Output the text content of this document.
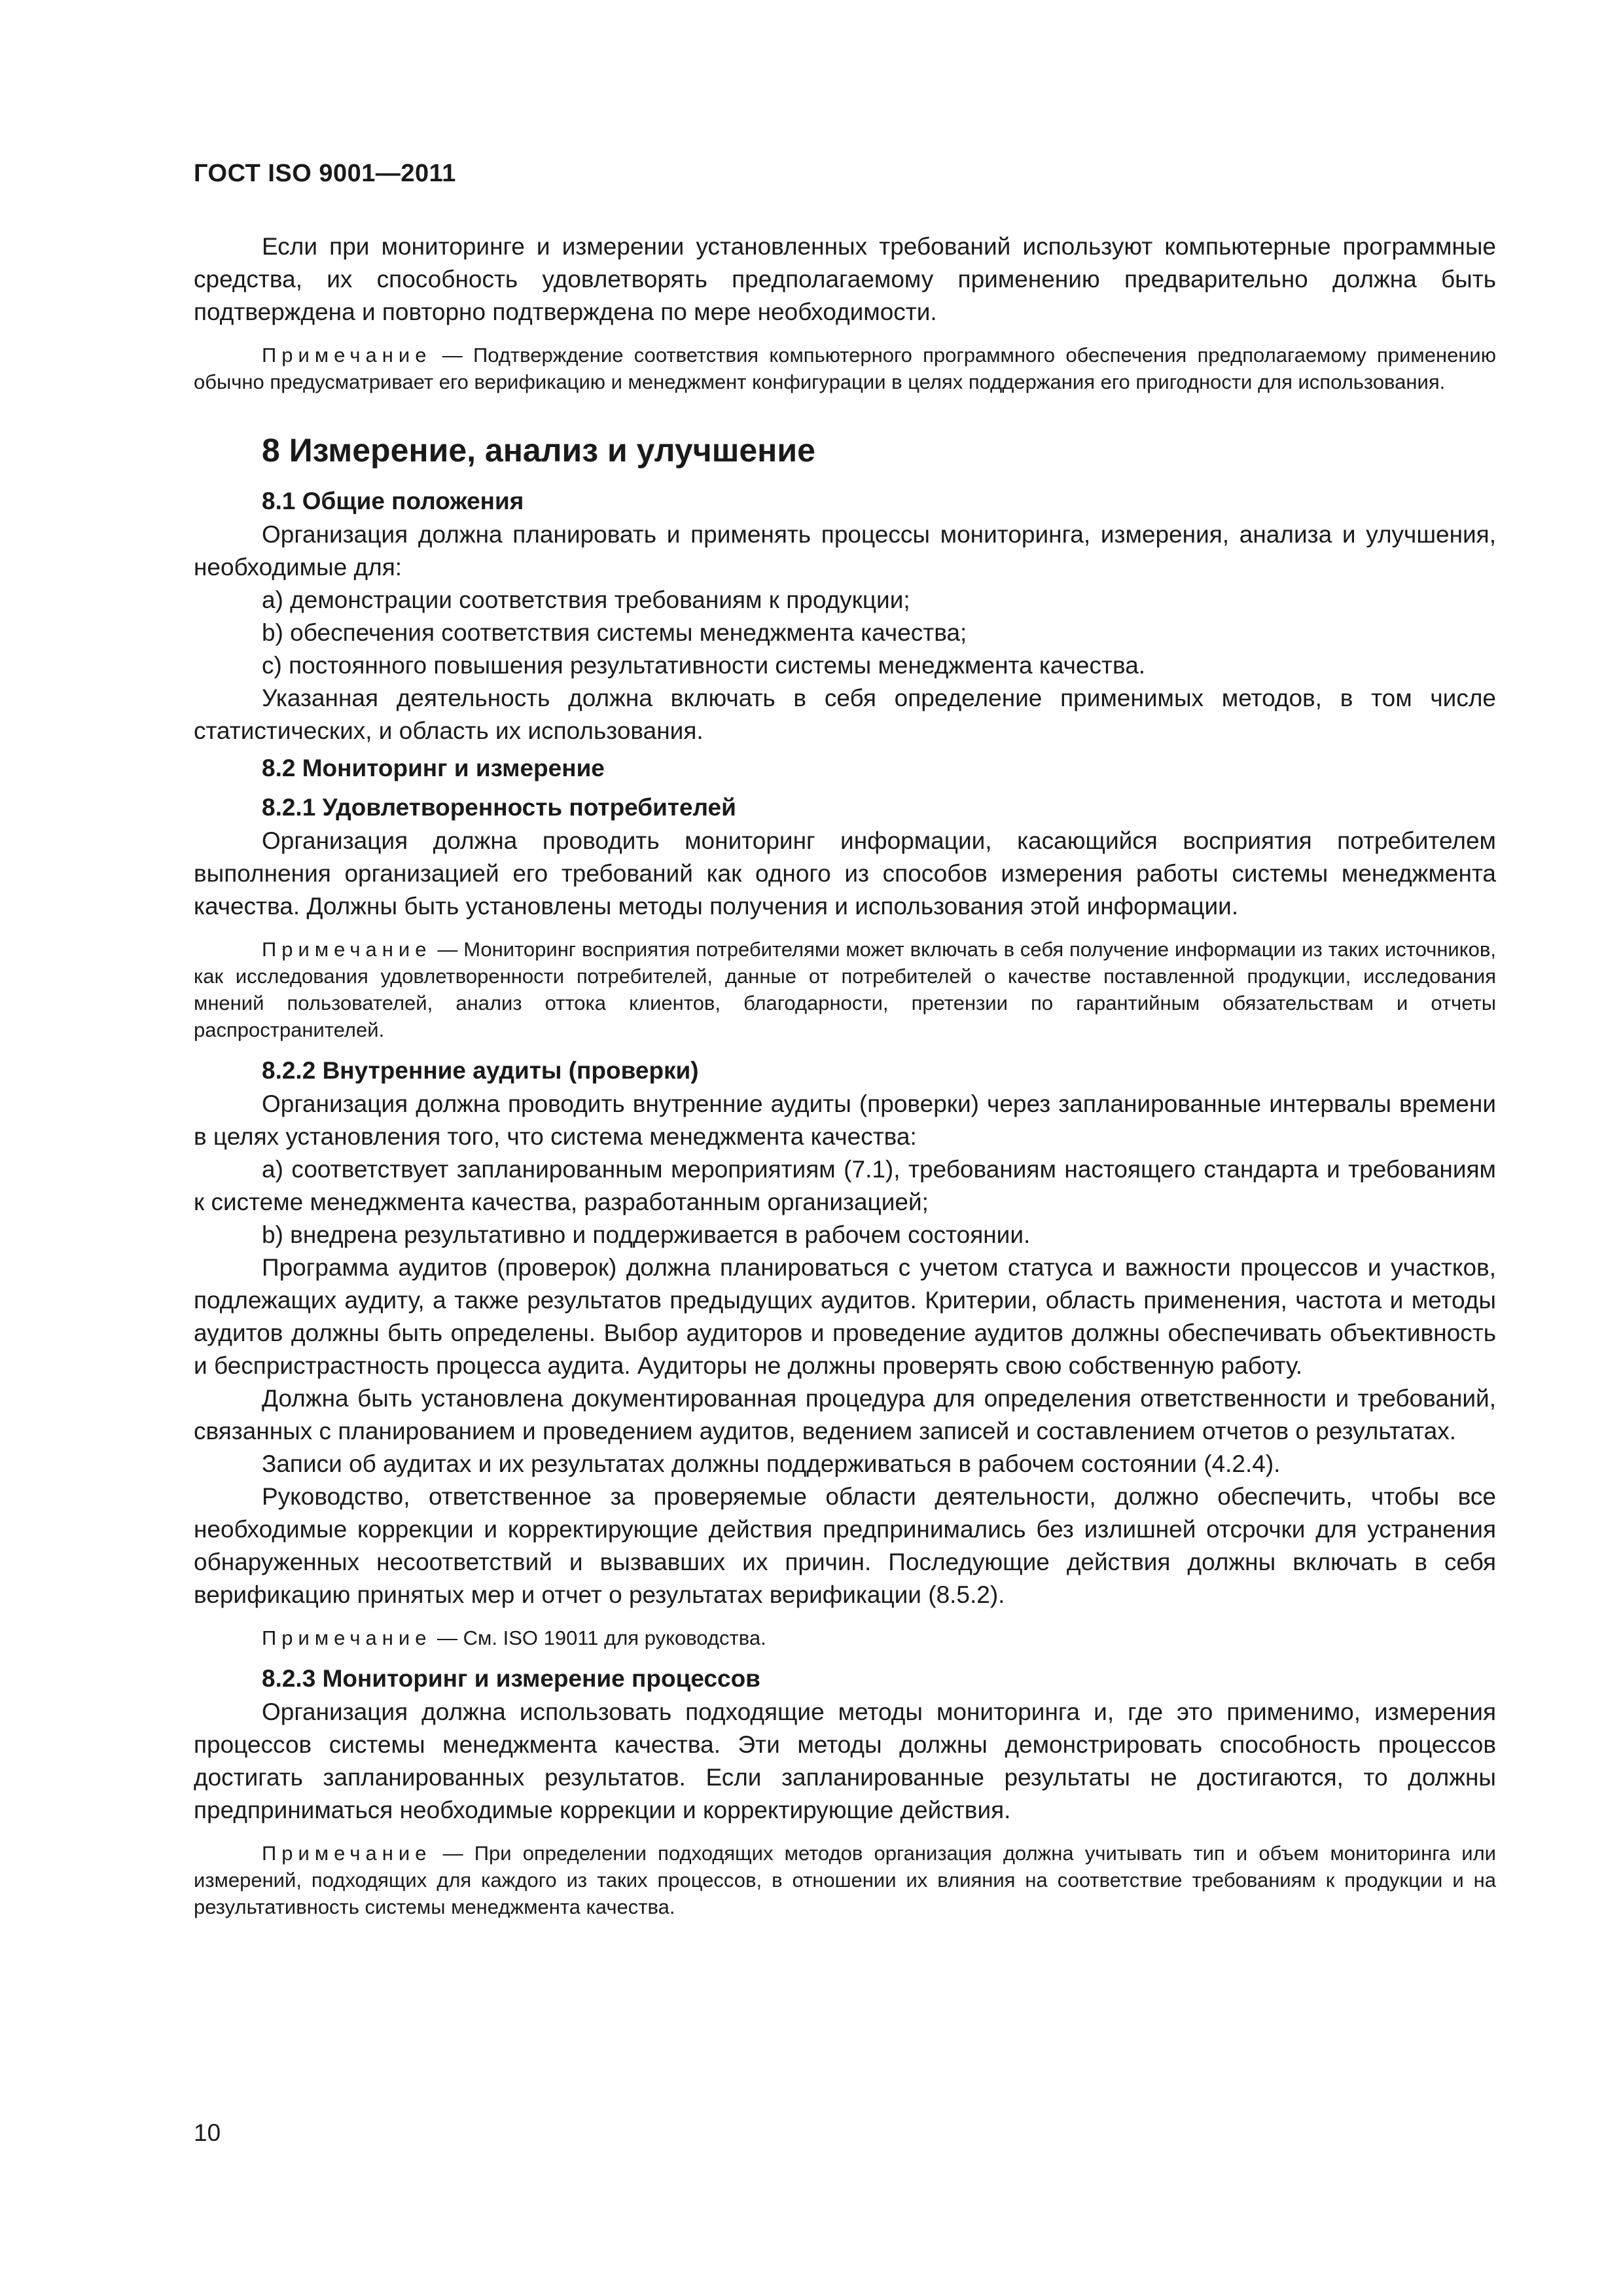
ГОСТ ISO 9001—2011

Если при мониторинге и измерении установленных требований используют компьютерные программные средства, их способность удовлетворять предполагаемому применению предварительно должна быть подтверждена и повторно подтверждена по мере необходимости.

Примечание — Подтверждение соответствия компьютерного программного обеспечения предполагаемому применению обычно предусматривает его верификацию и менеджмент конфигурации в целях поддержания его пригодности для использования.

8 Измерение, анализ и улучшение
8.1 Общие положения

Организация должна планировать и применять процессы мониторинга, измерения, анализа и улучшения, необходимые для:

a) демонстрации соответствия требованиям к продукции;

b) обеспечения соответствия системы менеджмента качества;

c) постоянного повышения результативности системы менеджмента качества.

Указанная деятельность должна включать в себя определение применимых методов, в том числе статистических, и область их использования.

8.2 Мониторинг и измерение
8.2.1 Удовлетворенность потребителей

Организация должна проводить мониторинг информации, касающийся восприятия потребителем выполнения организацией его требований как одного из способов измерения работы системы менеджмента качества. Должны быть установлены методы получения и использования этой информации.

Примечание — Мониторинг восприятия потребителями может включать в себя получение информации из таких источников, как исследования удовлетворенности потребителей, данные от потребителей о качестве поставленной продукции, исследования мнений пользователей, анализ оттока клиентов, благодарности, претензии по гарантийным обязательствам и отчеты распространителей.

8.2.2 Внутренние аудиты (проверки)

Организация должна проводить внутренние аудиты (проверки) через запланированные интервалы времени в целях установления того, что система менеджмента качества:

a) соответствует запланированным мероприятиям (7.1), требованиям настоящего стандарта и требованиям к системе менеджмента качества, разработанным организацией;

b) внедрена результативно и поддерживается в рабочем состоянии.

Программа аудитов (проверок) должна планироваться с учетом статуса и важности процессов и участков, подлежащих аудиту, а также результатов предыдущих аудитов. Критерии, область применения, частота и методы аудитов должны быть определены. Выбор аудиторов и проведение аудитов должны обеспечивать объективность и беспристрастность процесса аудита. Аудиторы не должны проверять свою собственную работу.

Должна быть установлена документированная процедура для определения ответственности и требований, связанных с планированием и проведением аудитов, ведением записей и составлением отчетов о результатах.

Записи об аудитах и их результатах должны поддерживаться в рабочем состоянии (4.2.4).

Руководство, ответственное за проверяемые области деятельности, должно обеспечить, чтобы все необходимые коррекции и корректирующие действия предпринимались без излишней отсрочки для устранения обнаруженных несоответствий и вызвавших их причин. Последующие действия должны включать в себя верификацию принятых мер и отчет о результатах верификации (8.5.2).

Примечание — См. ISO 19011 для руководства.

8.2.3 Мониторинг и измерение процессов

Организация должна использовать подходящие методы мониторинга и, где это применимо, измерения процессов системы менеджмента качества. Эти методы должны демонстрировать способность процессов достигать запланированных результатов. Если запланированные результаты не достигаются, то должны предприниматься необходимые коррекции и корректирующие действия.

Примечание — При определении подходящих методов организация должна учитывать тип и объем мониторинга или измерений, подходящих для каждого из таких процессов, в отношении их влияния на соответствие требованиям к продукции и на результативность системы менеджмента качества.

10
